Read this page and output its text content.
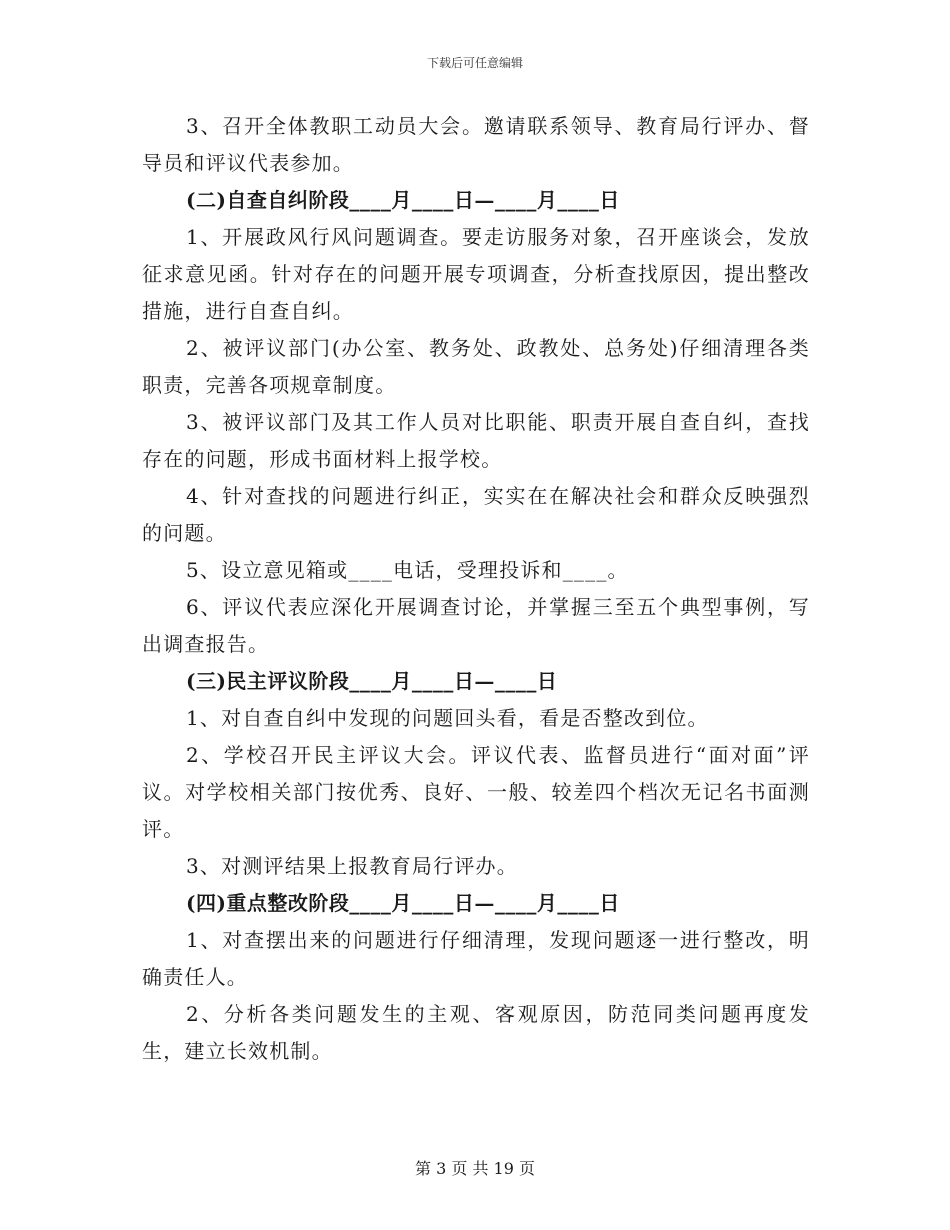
下载后可任意编辑

3、召开全体教职工动员大会。邀请联系领导、教育局行评办、督导员和评议代表参加。

(二)自查自纠阶段____月____日—____月____日

1、开展政风行风问题调查。要走访服务对象，召开座谈会，发放征求意见函。针对存在的问题开展专项调查，分析查找原因，提出整改措施，进行自查自纠。

2、被评议部门(办公室、教务处、政教处、总务处)仔细清理各类职责，完善各项规章制度。

3、被评议部门及其工作人员对比职能、职责开展自查自纠，查找存在的问题，形成书面材料上报学校。

4、针对查找的问题进行纠正，实实在在解决社会和群众反映强烈的问题。

5、设立意见箱或____电话，受理投诉和____。

6、评议代表应深化开展调查讨论，并掌握三至五个典型事例，写出调查报告。

(三)民主评议阶段____月____日—____日

1、对自查自纠中发现的问题回头看，看是否整改到位。

2、学校召开民主评议大会。评议代表、监督员进行“面对面”评议。对学校相关部门按优秀、良好、一般、较差四个档次无记名书面测评。

3、对测评结果上报教育局行评办。

(四)重点整改阶段____月____日—____月____日

1、对查摆出来的问题进行仔细清理，发现问题逐一进行整改，明确责任人。

2、分析各类问题发生的主观、客观原因，防范同类问题再度发生，建立长效机制。

第 3 页 共 19 页
